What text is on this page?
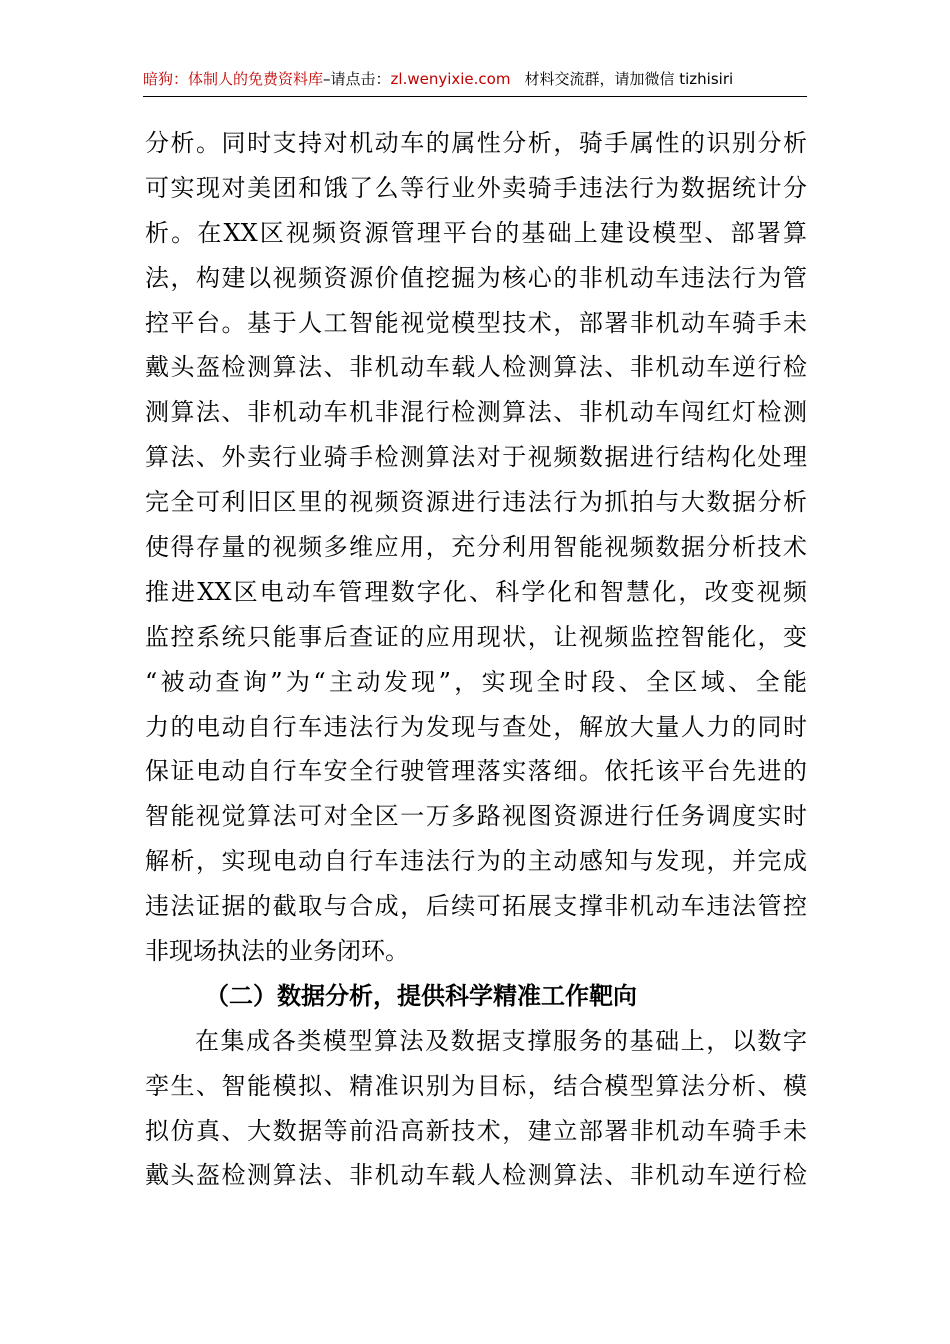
暗狗：体制人的免费资料库–请点击：zl.wenyixie.com 材料交流群，请加微信 tizhisiri
分析。同时支持对机动车的属性分析，骑手属性的识别分析
可实现对美团和饿了么等行业外卖骑手违法行为数据统计分
析。在XX区视频资源管理平台的基础上建设模型、部署算
法，构建以视频资源价值挖掘为核心的非机动车违法行为管
控平台。基于人工智能视觉模型技术，部署非机动车骑手未
戴头盔检测算法、非机动车载人检测算法、非机动车逆行检
测算法、非机动车机非混行检测算法、非机动车闯红灯检测
算法、外卖行业骑手检测算法对于视频数据进行结构化处理
完全可利旧区里的视频资源进行违法行为抓拍与大数据分析
使得存量的视频多维应用，充分利用智能视频数据分析技术
推进XX区电动车管理数字化、科学化和智慧化，改变视频
监控系统只能事后查证的应用现状，让视频监控智能化，变
“被动查询”为“主动发现”，实现全时段、全区域、全能
力的电动自行车违法行为发现与查处，解放大量人力的同时
保证电动自行车安全行驶管理落实落细。依托该平台先进的
智能视觉算法可对全区一万多路视图资源进行任务调度实时
解析，实现电动自行车违法行为的主动感知与发现，并完成
违法证据的截取与合成，后续可拓展支撑非机动车违法管控
非现场执法的业务闭环。
（二）数据分析，提供科学精准工作靶向
在集成各类模型算法及数据支撑服务的基础上，以数字
孪生、智能模拟、精准识别为目标，结合模型算法分析、模
拟仿真、大数据等前沿高新技术，建立部署非机动车骑手未
戴头盔检测算法、非机动车载人检测算法、非机动车逆行检
